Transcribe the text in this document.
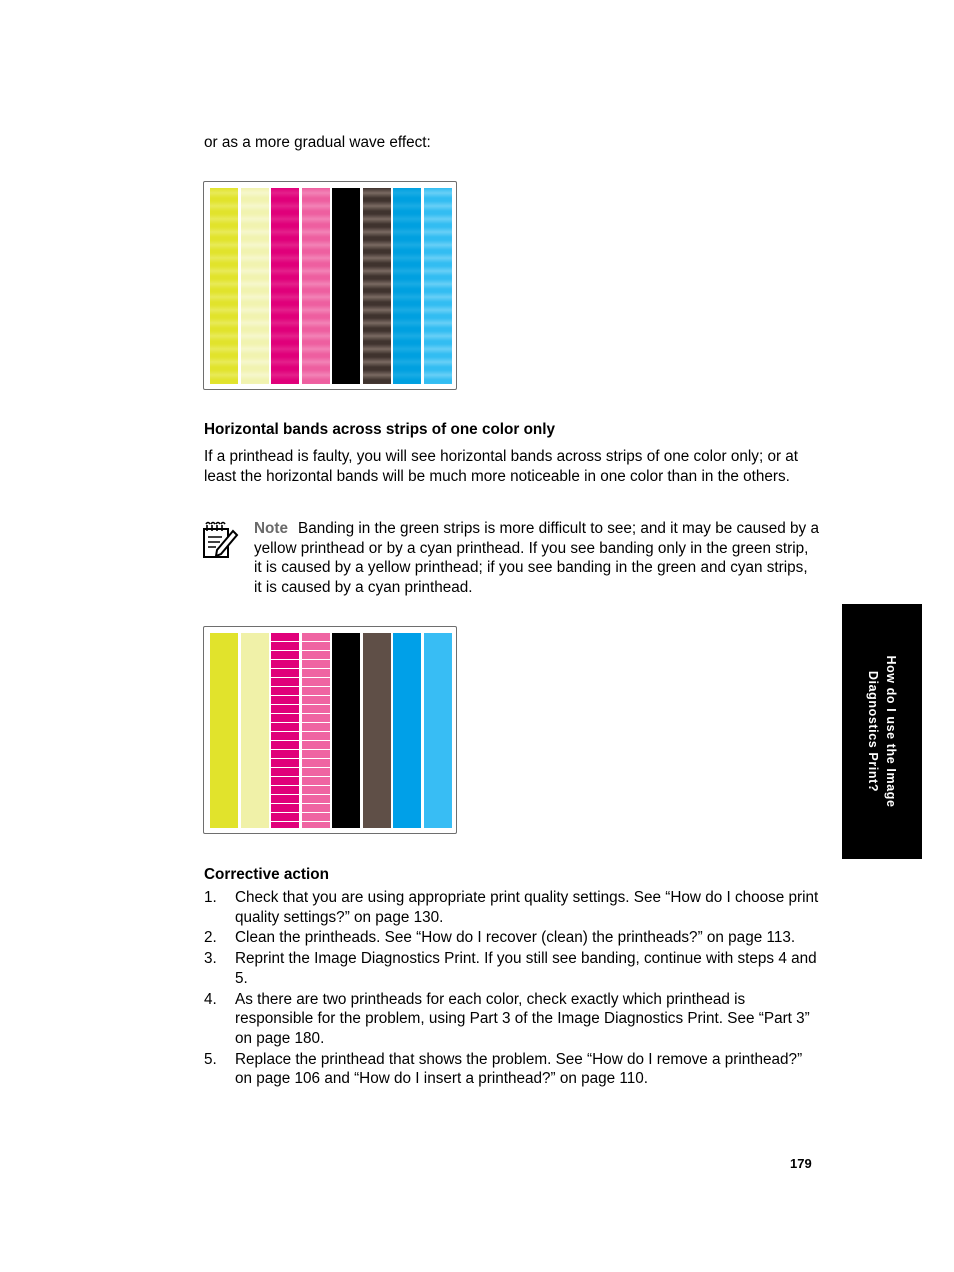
or as a more gradual wave effect:

Horizontal bands across strips of one color only

If a printhead is faulty, you will see horizontal bands across strips of one color only; or at least the horizontal bands will be much more noticeable in one color than in the others.

Note Banding in the green strips is more difficult to see; and it may be caused by a yellow printhead or by a cyan printhead. If you see banding only in the green strip, it is caused by a yellow printhead; if you see banding in the green and cyan strips, it is caused by a cyan printhead.

Corrective action

1.	Check that you are using appropriate print quality settings. See “How do I choose print quality settings?” on page 130.
2.	Clean the printheads. See “How do I recover (clean) the printheads?” on page 113.
3.	Reprint the Image Diagnostics Print. If you still see banding, continue with steps 4 and 5.
4.	As there are two printheads for each color, check exactly which printhead is responsible for the problem, using Part 3 of the Image Diagnostics Print. See “Part 3” on page 180.
5.	Replace the printhead that shows the problem. See “How do I remove a printhead?” on page 106 and “How do I insert a printhead?” on page 110.
How do I use the Image
Diagnostics Print?

179
